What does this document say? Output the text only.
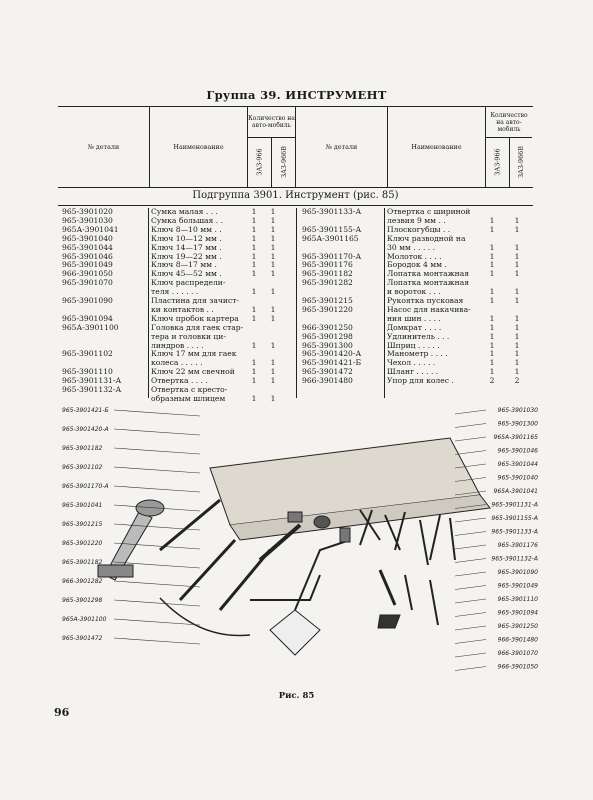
Группа 39. ИНСТРУМЕНТ
№ детали	Наименование
Количество на авто-мобиль
ЗАЗ-966	ЗАЗ-966В	№ детали	Наименование
Количество на авто-мобиль
ЗАЗ-966 ЗАЗ-966В
Подгруппа 3901. Инструмент (рис. 85)
965-3901020	Сумка малая . . .	1	1
965-3901030	Сумка большая . .	1	1
965А-3901041	Ключ 8—10 мм . .	1	1
965-3901040	Ключ 10—12 мм .	1	1
965-3901044	Ключ 14—17 мм .	1	1
965-3901046	Ключ 19—22 мм .	1	1
965-3901049	Ключ 8—17 мм .	1	1
966-3901050	Ключ 45—52 мм .	1	1
965-3901070	Ключ распредели-
теля . . . . . .	1	1
965-3901090	Пластина для зачист-
ки контактов . .	1	1
965-3901094	Ключ пробок картера	1	1
965А-3901100	Головка для гаек стар-
тера и головки ци-
линдров . . . .	1	1
965-3901102	Ключ 17 мм для гаек
колеса . . . . .	1	1
965-3901110	Ключ 22 мм свечной	1	1
965-3901131-А	Отвертка . . . .	1	1
965-3901132-А	Отвертка с кресто-
образным шлицем	1	1
965-3901133-А	Отвертка с шириной
лезвия 9 мм . .	1	1
965-3901155-А	Плоскогубцы . .	1	1
965А-3901165	Ключ разводной на
30 мм . . . . .	1	1
965-3901170-А	Молоток . . . .	1	1
965-3901176	Бородок 4 мм .	1	1
965-3901182	Лопатка монтажная	1	1
965-3901282	Лопатка монтажная
и вороток . . .	1	1
965-3901215	Рукоятка пусковая	1	1
965-3901220	Насос для накачива-
ния шин . . . .	1	1
966-3901250	Домкрат . . . .	1	1
965-3901298	Удлинитель . . .	1	1
965-3901300	Шприц . . . . .	1	1
965-3901420-А	Манометр . . . .	1	1
965-3901421-Б	Чехол . . . . .	1	1
965-3901472	Шланг . . . . .	1	1
966-3901480	Упор для колес .	2	2
965-3901421-Б
965-3901420-А
965-3901182
965-3901102
965-3901170-А
965-3901041
965-3901215
965-3901220
965-3901182
966-3901282
965-3901298
965А-3901100
965-3901472
965-3901030
965-3901300
965А-3901165
965-3901046
965-3901044
965-3901040
965А-3901041
965-3901131-А
965-3901155-А
965-3901133-А
965-3901176
965-3901132-А
965-3901090
965-3901049
965-3901110
965-3901094
965-3901250
966-3901480
966-3901070
966-3901050
Рис. 85
96
